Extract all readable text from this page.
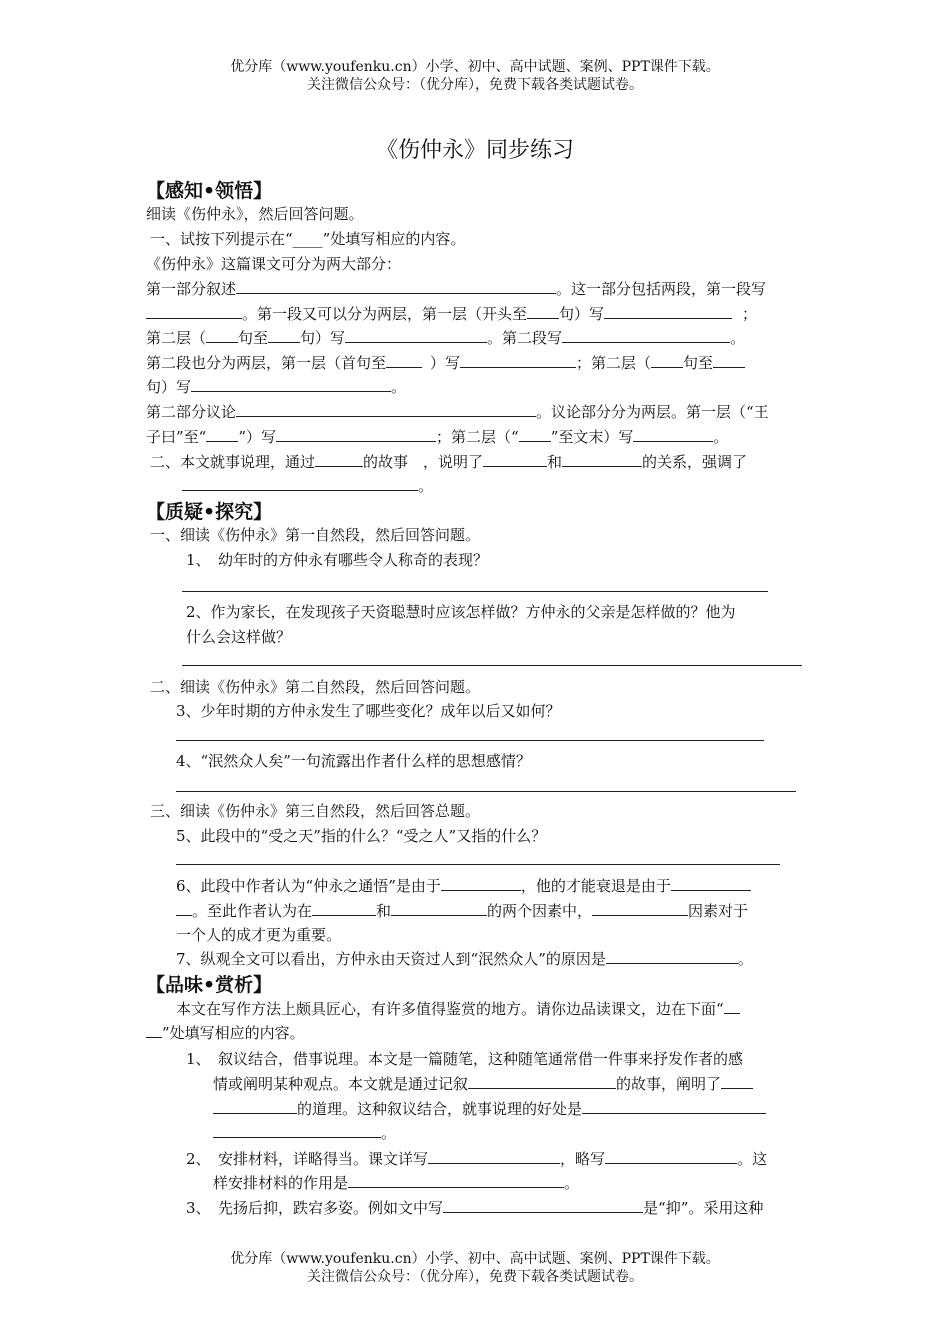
优分库（www.youfenku.cn）小学、初中、高中试题、案例、PPT课件下载。
关注微信公众号：（优分库），免费下载各类试题试卷。
《伤仲永》同步练习
【感知•领悟】
细读《伤仲永》，然后回答问题。
一、试按下列提示在“____”处填写相应的内容。
《伤仲永》这篇课文可分为两大部分：
第一部分叙述	。这一部分包括两段，第一段写
。第一段又可以分为两层，第一层（开头至 句）写	；
第二层（ 句至 句）写	。第二段写	。
第二段也分为两层，第一层（首句至	）写	；第二层（ 句至
句）写	。
第二部分议论	。议论部分分为两层。第一层（“王
子曰”至“ ”）写	；第二层（“ ”至文末）写	。
二、本文就事说理，通过	的故事　，说明了	和	的关系，强调了
。
【质疑•探究】
一、细读《伤仲永》第一自然段，然后回答问题。
1、　幼年时的方仲永有哪些令人称奇的表现？
2、作为家长，在发现孩子天资聪慧时应该怎样做？方仲永的父亲是怎样做的？他为
什么会这样做？
二、细读《伤仲永》第二自然段，然后回答问题。
3、少年时期的方仲永发生了哪些变化？成年以后又如何？
4、“泯然众人矣”一句流露出作者什么样的思想感情？
三、细读《伤仲永》第三自然段，然后回答总题。
5、此段中的“受之天”指的什么？“受之人”又指的什么？
6、此段中作者认为“仲永之通悟”是由于	，他的才能衰退是由于
。至此作者认为在	和	的两个因素中，	因素对于
一个人的成才更为重要。
7、纵观全文可以看出，方仲永由天资过人到“泯然众人”的原因是	。
【品味•赏析】
本文在写作方法上颇具匠心，有许多值得鉴赏的地方。请你边品读课文，边在下面“
”处填写相应的内容。
1、　叙议结合，借事说理。本文是一篇随笔，这种随笔通常借一件事来抒发作者的感
情或阐明某种观点。本文就是通过记叙	的故事，阐明了
的道理。这种叙议结合，就事说理的好处是
。
2、　安排材料，详略得当。课文详写	，略写	。这
样安排材料的作用是	。
3、　先扬后抑，跌宕多姿。例如文中写	是“抑”。采用这种
优分库（www.youfenku.cn）小学、初中、高中试题、案例、PPT课件下载。
关注微信公众号：（优分库），免费下载各类试题试卷。
